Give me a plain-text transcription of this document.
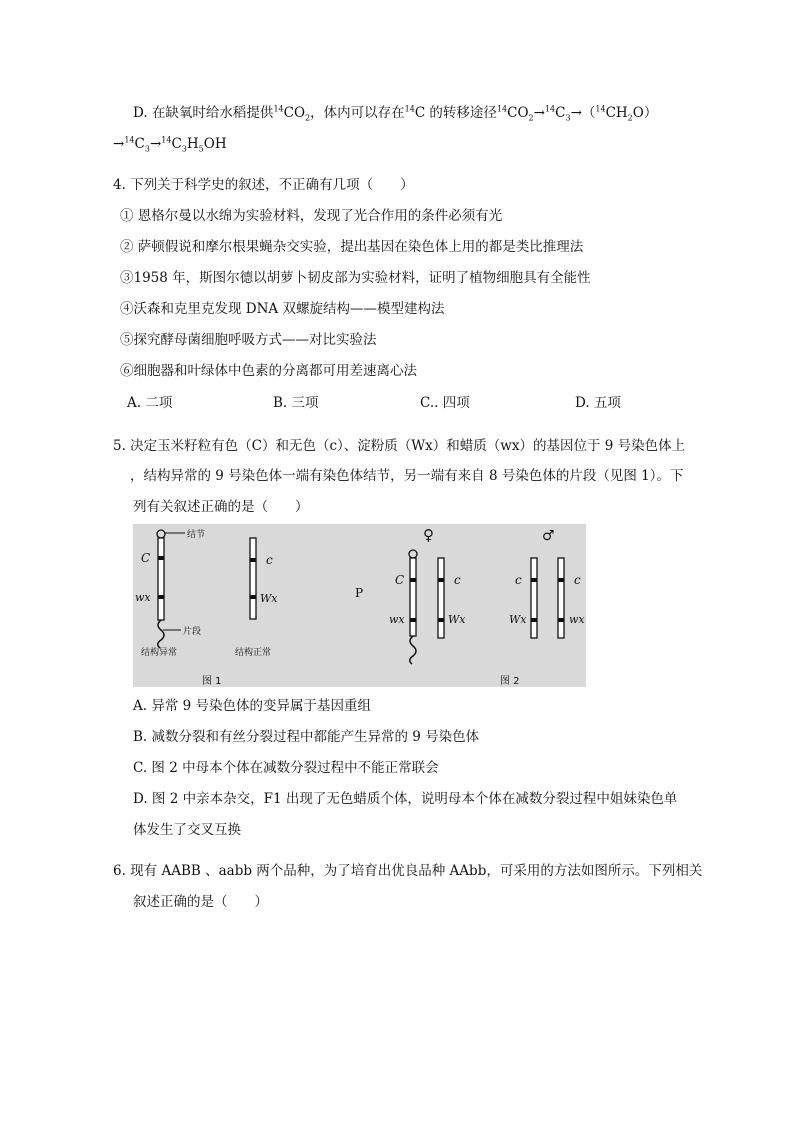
D. 在缺氧时给水稻提供$^{14}CO_2$，体内可以存在$^{14}$C 的转移途径$^{14}CO_2\to^{14}C_3\to(^{14}CH_2O)$
$\to^{14}C_3\to^{14}C_3H_5OH$
4. 下列关于科学史的叙述，不正确有几项（　　）
① 恩格尔曼以水绵为实验材料，发现了光合作用的条件必须有光
② 萨顿假说和摩尔根果蝇杂交实验，提出基因在染色体上用的都是类比推理法
③1958 年，斯图尔德以胡萝卜韧皮部为实验材料，证明了植物细胞具有全能性
④沃森和克里克发现 DNA 双螺旋结构——模型建构法
⑤探究酵母菌细胞呼吸方式——对比实验法
⑥细胞器和叶绿体中色素的分离都可用差速离心法
A. 二项	B. 三项	C.. 四项	D. 五项
5. 决定玉米籽粒有色（C）和无色（c）、淀粉质（Wx）和蜡质（wx）的基因位于 9 号染色体上
，结构异常的 9 号染色体一端有染色体结节，另一端有来自 8 号染色体的片段（见图 1）。下
列有关叙述正确的是（　　）
结节
片段
C
wx
结构异常
c
Wx
结构正常
图 1
P
♀	♂
C
wx
c
Wx
c
Wx
c
wx
图 2
A. 异常 9 号染色体的变异属于基因重组
B. 减数分裂和有丝分裂过程中都能产生异常的 9 号染色体
C. 图 2 中母本个体在减数分裂过程中不能正常联会
D. 图 2 中亲本杂交，F1 出现了无色蜡质个体，说明母本个体在减数分裂过程中姐妹染色单
体发生了交叉互换
6. 现有 AABB 、aabb 两个品种，为了培育出优良品种 AAbb，可采用的方法如图所示。下列相关
叙述正确的是（　　）
